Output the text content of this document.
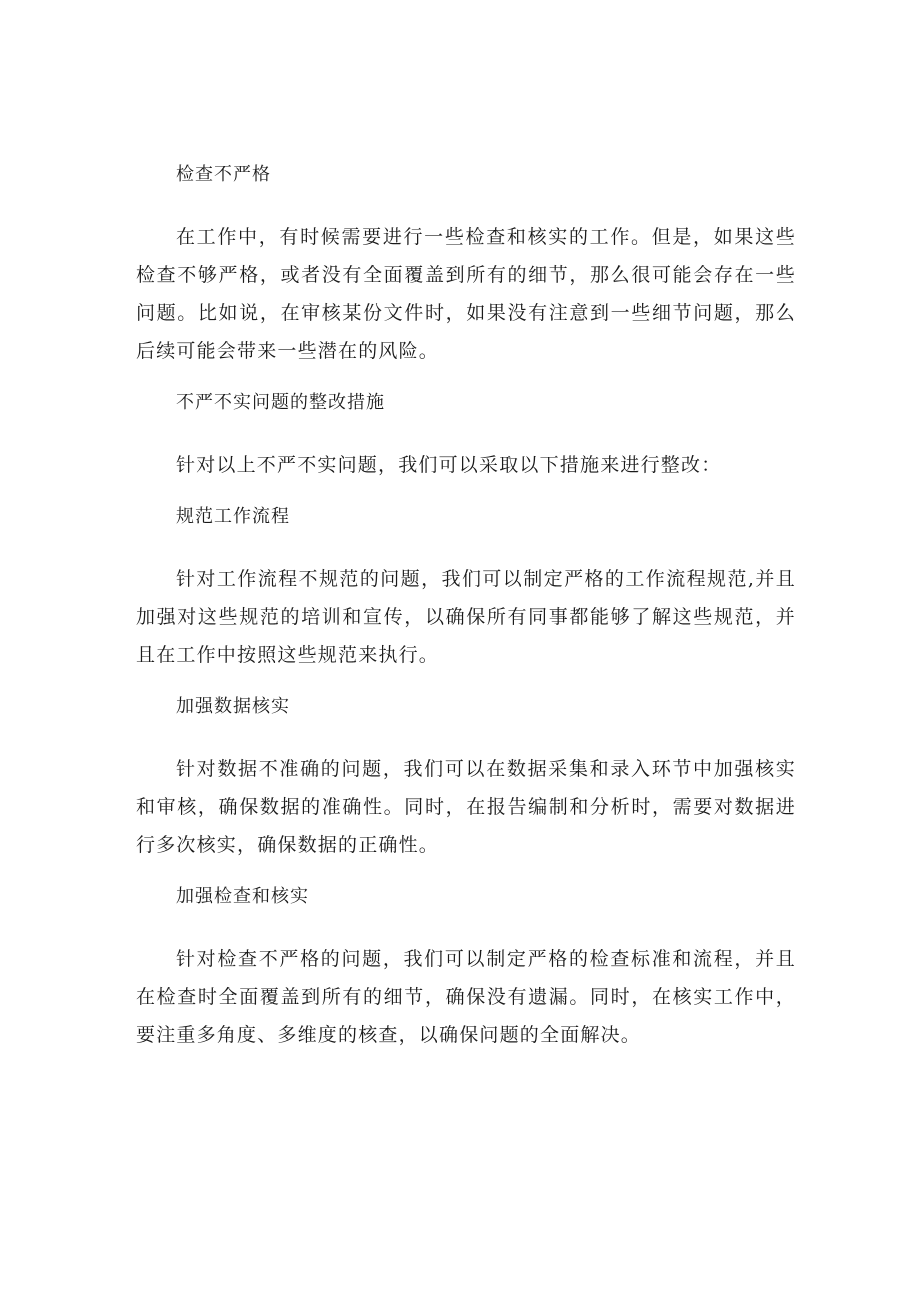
检查不严格
在工作中，有时候需要进行一些检查和核实的工作。但是，如果这些检查不够严格，或者没有全面覆盖到所有的细节，那么很可能会存在一些问题。比如说，在审核某份文件时，如果没有注意到一些细节问题，那么后续可能会带来一些潜在的风险。
不严不实问题的整改措施
针对以上不严不实问题，我们可以采取以下措施来进行整改：
规范工作流程
针对工作流程不规范的问题，我们可以制定严格的工作流程规范,并且加强对这些规范的培训和宣传，以确保所有同事都能够了解这些规范，并且在工作中按照这些规范来执行。
加强数据核实
针对数据不准确的问题，我们可以在数据采集和录入环节中加强核实和审核，确保数据的准确性。同时，在报告编制和分析时，需要对数据进行多次核实，确保数据的正确性。
加强检查和核实
针对检查不严格的问题，我们可以制定严格的检查标准和流程，并且在检查时全面覆盖到所有的细节，确保没有遗漏。同时，在核实工作中，要注重多角度、多维度的核查，以确保问题的全面解决。
